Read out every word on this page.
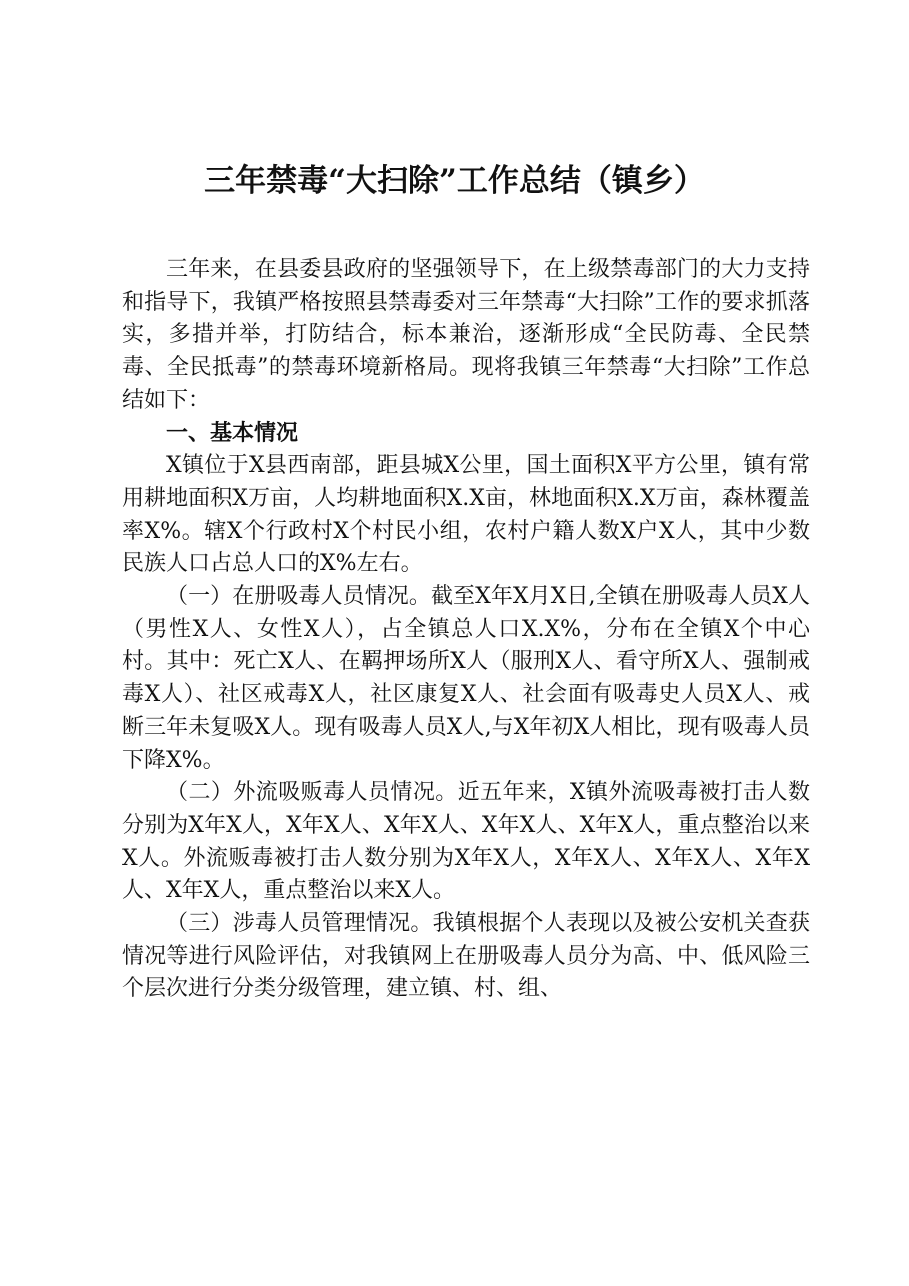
三年禁毒“大扫除”工作总结（镇乡）

三年来，在县委县政府的坚强领导下，在上级禁毒部门的大力支持和指导下，我镇严格按照县禁毒委对三年禁毒“大扫除”工作的要求抓落实，多措并举，打防结合，标本兼治，逐渐形成“全民防毒、全民禁毒、全民抵毒”的禁毒环境新格局。现将我镇三年禁毒“大扫除”工作总结如下：

一、基本情况

X镇位于X县西南部，距县城X公里，国土面积X平方公里，镇有常用耕地面积X万亩，人均耕地面积X.X亩，林地面积X.X万亩，森林覆盖率X%。辖X个行政村X个村民小组，农村户籍人数X户X人，其中少数民族人口占总人口的X%左右。

（一）在册吸毒人员情况。截至X年X月X日,全镇在册吸毒人员X人（男性X人、女性X人），占全镇总人口X.X%，分布在全镇X个中心村。其中：死亡X人、在羁押场所X人（服刑X人、看守所X人、强制戒毒X人）、社区戒毒X人，社区康复X人、社会面有吸毒史人员X人、戒断三年未复吸X人。现有吸毒人员X人,与X年初X人相比，现有吸毒人员下降X%。

（二）外流吸贩毒人员情况。近五年来，X镇外流吸毒被打击人数分别为X年X人，X年X人、X年X人、X年X人、X年X人，重点整治以来X人。外流贩毒被打击人数分别为X年X人，X年X人、X年X人、X年X人、X年X人，重点整治以来X人。

（三）涉毒人员管理情况。我镇根据个人表现以及被公安机关查获情况等进行风险评估，对我镇网上在册吸毒人员分为高、中、低风险三个层次进行分类分级管理，建立镇、村、组、
